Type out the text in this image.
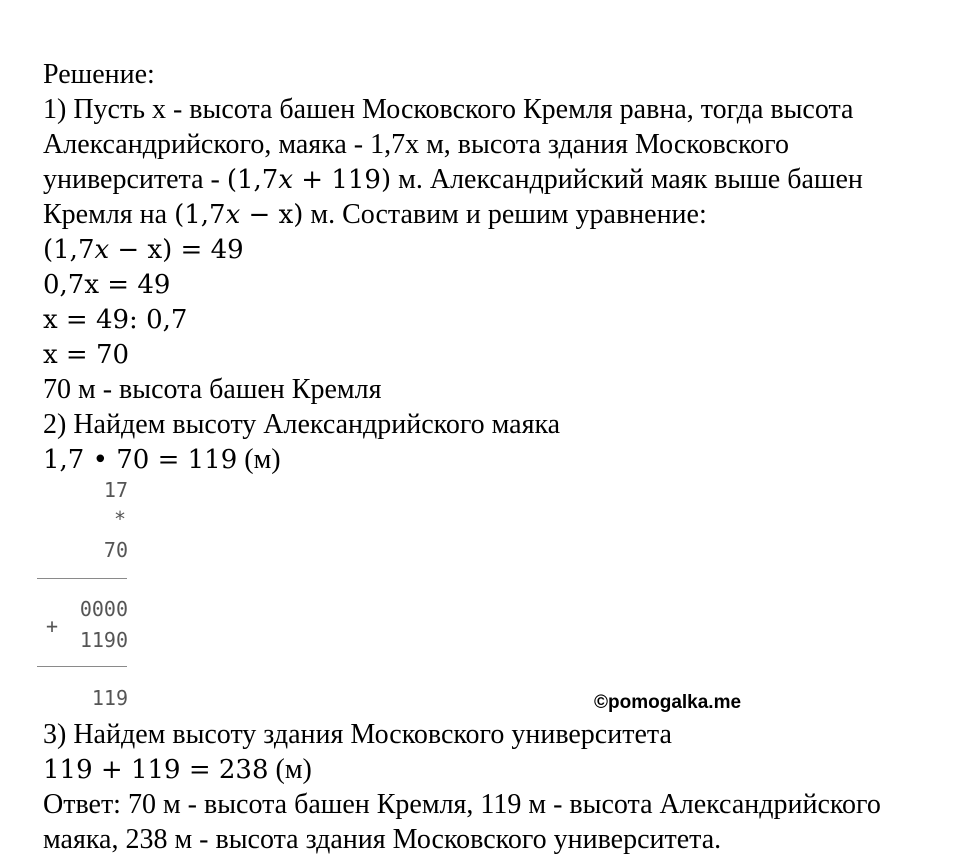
Решение:
1) Пусть х - высота башен Московского Кремля равна, тогда высота
Александрийского, маяка - 1,7х м, высота здания Московского
университета - (1,7x + 119) м. Александрийский маяк выше башен
Кремля на (1,7x − х) м. Составим и решим уравнение:
(1,7x − х) = 49
0,7х = 49
х = 49: 0,7
х = 70
70 м - высота башен Кремля
2) Найдем высоту Александрийского маяка
1,7 • 70 = 119 (м)
17
*
70
0000
+
1190
119	©pomogalka.me
3) Найдем высоту здания Московского университета
119 + 119 = 238 (м)
Ответ: 70 м - высота башен Кремля, 119 м - высота Александрийского
маяка, 238 м - высота здания Московского университета.
